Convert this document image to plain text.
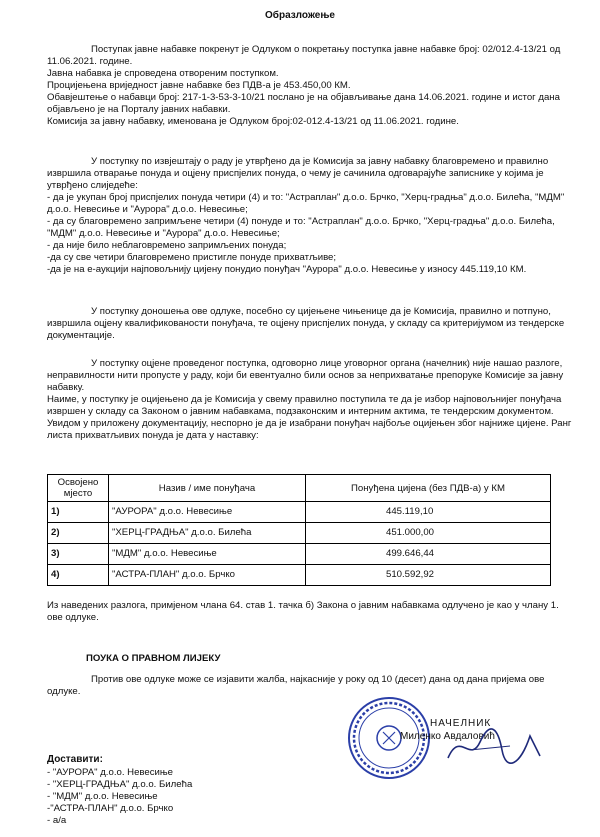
Образложење

Поступак јавне набавке покренут је Одлуком о покретању поступка јавне набавке број: 02/012.4-13/21 од 11.06.2021. године.

Јавна набавка је спроведена отвореним поступком.

Процијењена вриједност јавне набавке без ПДВ-а је 453.450,00 КМ.

Обавјештење о набавци број: 217-1-3-53-3-10/21 послано је на објављивање дана 14.06.2021. године и истог дана објављено је на Порталу јавних набавки.

Комисија за јавну набавку, именована је Одлуком број:02-012.4-13/21 од 11.06.2021. године.

У поступку по извјештају о раду је утврђено да је Комисија за јавну набавку благовремено и правилно извршила отварање понуда и оцјену приспјелих понуда, о чему је сачинила одговарајуће записнике у којима је утврђено слиједеће:

- да је укупан број приспјелих понуда четири (4) и то: "Астраплан" д.о.о. Брчко, "Херц-градња" д.о.о. Билећа, "МДМ" д.о.о. Невесиње и "Аурора" д.о.о. Невесиње;

- да су благовремено запримљене четири (4) понуде и то: "Астраплан" д.о.о. Брчко, "Херц-градња" д.о.о. Билећа, "МДМ" д.о.о. Невесиње и "Аурора" д.о.о. Невесиње;

- да није било неблаговремено запримљених понуда;

-да су све четири благовремено пристигле понуде прихватљиве;

-да је на е-аукцији најповољнију цијену понудио понуђач "Аурора" д.о.о. Невесиње у износу 445.119,10 КМ.

У поступку доношења ове одлуке, посебно су цијењене чињенице да је Комисија, правилно и потпуно, извршила оцјену квалификованости понуђача, те оцјену приспјелих понуда, у складу са критеријумом из тендерске документације.

У поступку оцјене проведеног поступка, одговорно лице уговорног органа (начелник) није нашао разлоге, неправилности нити пропусте у раду, који би евентуално били основ за неприхватање препоруке Комисије за јавну набавку.

Наиме, у поступку је оцијењено да је Комисија у свему правилно поступила те да је избор најповољнијег понуђача извршен у складу са Законом о јавним набавкама, подзаконским и интерним актима, те тендерским документом. Увидом у приложену документацију, неспорно је да је изабрани понуђач најбоље оцијењен због најниже цијене. Ранг листа прихватљивих понуда је дата у наставку:

Освојено мјесто	Назив / име понуђача	Понуђена цијена (без ПДВ-а) у КМ
1)	"АУРОРА" д.о.о. Невесиње	445.119,10
2)	"ХЕРЦ-ГРАДЊА" д.о.о. Билећа	451.000,00
3)	"МДМ" д.о.о. Невесиње	499.646,44
4)	"АСТРА-ПЛАН" д.о.о. Брчко	510.592,92

Из наведених разлога, примјеном члана 64. став 1. тачка б) Закона о јавним набавкама одлучено је као у члану 1. ове одлуке.

ПОУКА О ПРАВНОМ ЛИЈЕКУ

Против ове одлуке може се изјавити жалба, најкасније у року од 10 (десет) дана од дана пријема ове одлуке.

НАЧЕЛНИК
Миленко Авдаловић
Доставити:
- "АУРОРА" д.о.о. Невесиње
- "ХЕРЦ-ГРАДЊА" д.о.о. Билећа
- "МДМ" д.о.о. Невесиње
-"АСТРА-ПЛАН" д.о.о. Брчко
- а/а
